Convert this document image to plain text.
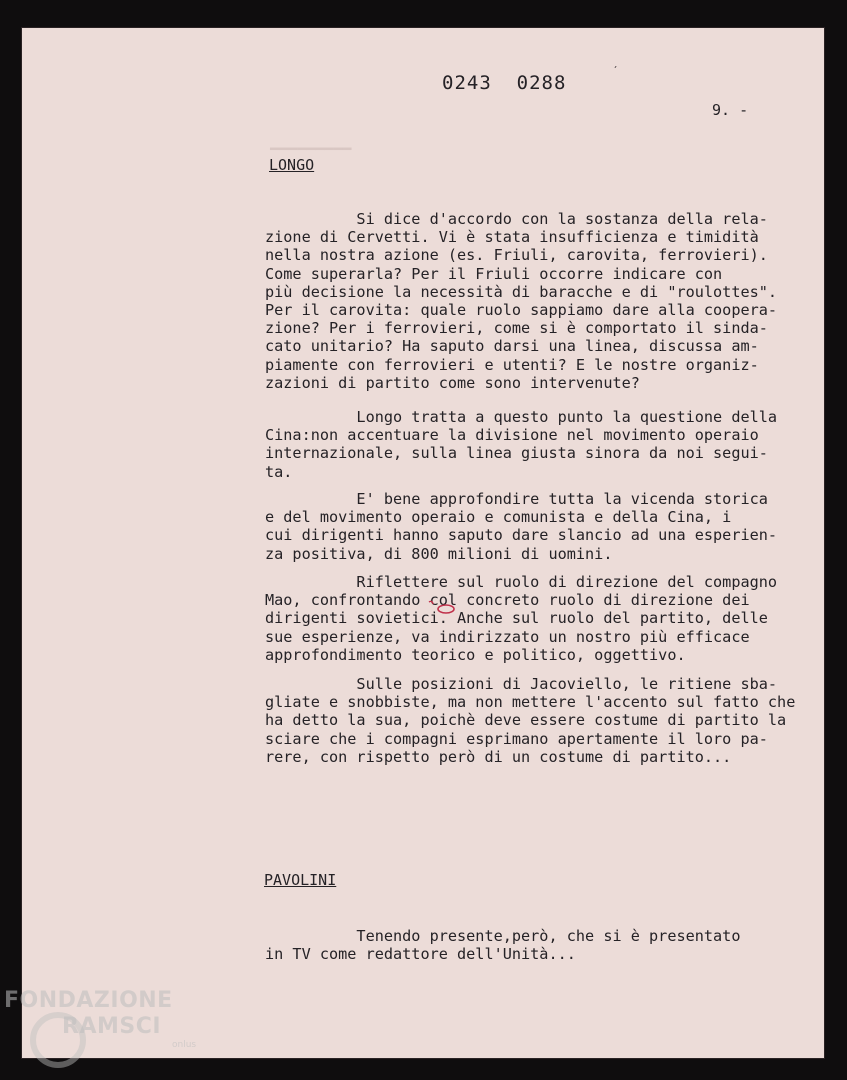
━━━━━━━━━
0243  0288
ˊ
9. -
LONGO
Si dice d'accordo con la sostanza della rela-
zione di Cervetti. Vi è stata insufficienza e timidità
nella nostra azione (es. Friuli, carovita, ferrovieri).
Come superarla? Per il Friuli occorre indicare con
più decisione la necessità di baracche e di "roulottes".
Per il carovita: quale ruolo sappiamo dare alla coopera-
zione? Per i ferrovieri, come si è comportato il sinda-
cato unitario? Ha saputo darsi una linea, discussa am-
piamente con ferrovieri e utenti? E le nostre organiz-
zazioni di partito come sono intervenute?
Longo tratta a questo punto la questione della
Cina:non accentuare la divisione nel movimento operaio
internazionale, sulla linea giusta sinora da noi segui-
ta.
E' bene approfondire tutta la vicenda storica
e del movimento operaio e comunista e della Cina, i
cui dirigenti hanno saputo dare slancio ad una esperien-
za positiva, di 800 milioni di uomini.
Riflettere sul ruolo di direzione del compagno
Mao, confrontando col concreto ruolo di direzione dei
dirigenti sovietici. Anche sul ruolo del partito, delle
sue esperienze, va indirizzato un nostro più efficace
approfondimento teorico e politico, oggettivo.
Sulle posizioni di Jacoviello, le ritiene sba-
gliate e snobbiste, ma non mettere l'accento sul fatto che
ha detto la sua, poichè deve essere costume di partito la
sciare che i compagni esprimano apertamente il loro pa-
rere, con rispetto però di un costume di partito...
PAVOLINI
Tenendo presente,però, che si è presentato
in TV come redattore dell'Unità...
FONDAZIONE
RAMSCI
onlus
